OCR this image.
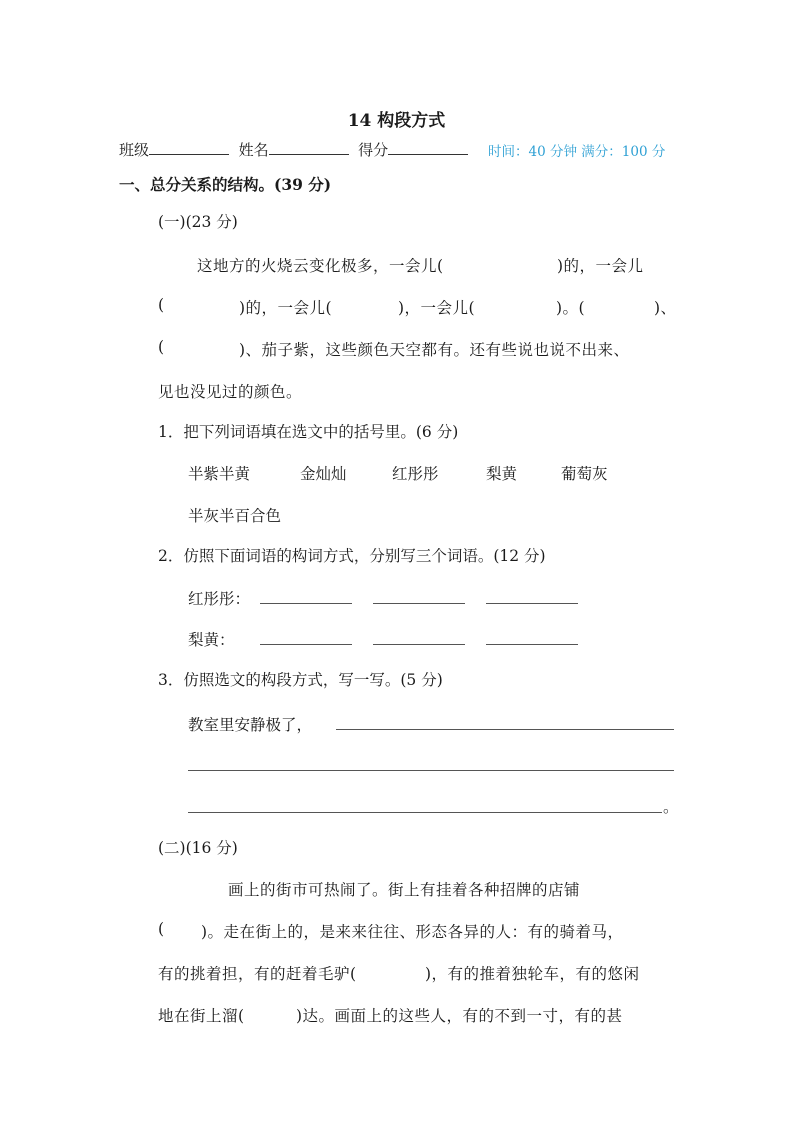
14 构段方式
班级	姓名	得分	时间：40 分钟 满分：100 分
一、总分关系的结构。(39 分)
(一)(23 分)
这地方的火烧云变化极多，一会儿(	)的，一会儿
(	)的，一会儿(	)，一会儿(	)。(	)、
(	)、茄子紫，这些颜色天空都有。还有些说也说不出来、
见也没见过的颜色。
1．把下列词语填在选文中的括号里。(6 分)
半紫半黄	金灿灿	红彤彤	梨黄	葡萄灰
半灰半百合色
2．仿照下面词语的构词方式，分别写三个词语。(12 分)
红彤彤：
梨黄：
3．仿照选文的构段方式，写一写。(5 分)
教室里安静极了，
。
(二)(16 分)
画上的街市可热闹了。街上有挂着各种招牌的店铺
( )。走在街上的，是来来往往、形态各异的人：有的骑着马，
有的挑着担，有的赶着毛驴(	)，有的推着独轮车，有的悠闲
地在街上溜(	)达。画面上的这些人，有的不到一寸，有的甚
